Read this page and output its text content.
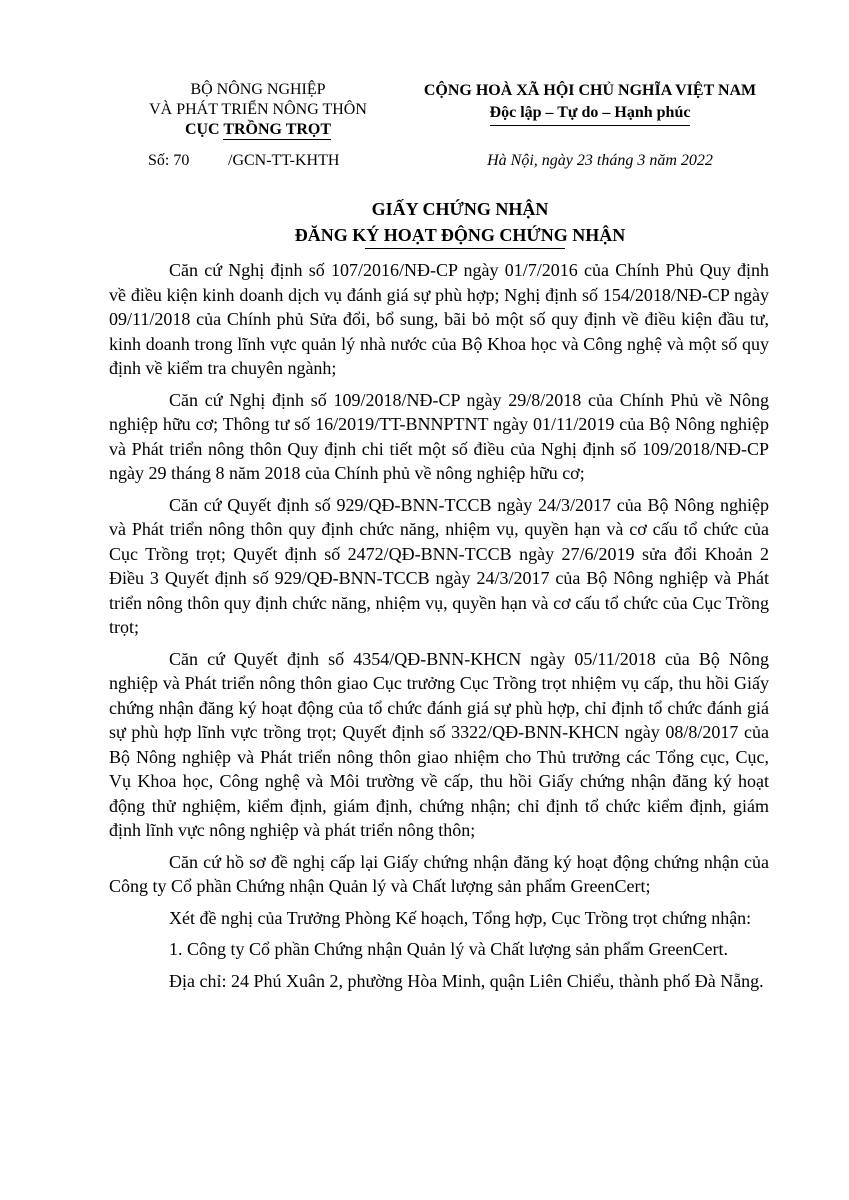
BỘ NÔNG NGHIỆP
VÀ PHÁT TRIỂN NÔNG THÔN
CỤC TRỒNG TRỌT
CỘNG HOÀ XÃ HỘI CHỦ NGHĨA VIỆT NAM
Độc lập – Tự do – Hạnh phúc
Số: 70 /GCN-TT-KHTH	Hà Nội, ngày 23 tháng 3 năm 2022
GIẤY CHỨNG NHẬN
ĐĂNG KÝ HOẠT ĐỘNG CHỨNG NHẬN

Căn cứ Nghị định số 107/2016/NĐ-CP ngày 01/7/2016 của Chính Phủ Quy định về điều kiện kinh doanh dịch vụ đánh giá sự phù hợp; Nghị định số 154/2018/NĐ-CP ngày 09/11/2018 của Chính phủ Sửa đổi, bổ sung, bãi bỏ một số quy định về điều kiện đầu tư, kinh doanh trong lĩnh vực quản lý nhà nước của Bộ Khoa học và Công nghệ và một số quy định về kiểm tra chuyên ngành;

Căn cứ Nghị định số 109/2018/NĐ-CP ngày 29/8/2018 của Chính Phủ về Nông nghiệp hữu cơ; Thông tư số 16/2019/TT-BNNPTNT ngày 01/11/2019 của Bộ Nông nghiệp và Phát triển nông thôn Quy định chi tiết một số điều của Nghị định số 109/2018/NĐ-CP ngày 29 tháng 8 năm 2018 của Chính phủ về nông nghiệp hữu cơ;

Căn cứ Quyết định số 929/QĐ-BNN-TCCB ngày 24/3/2017 của Bộ Nông nghiệp và Phát triển nông thôn quy định chức năng, nhiệm vụ, quyền hạn và cơ cấu tổ chức của Cục Trồng trọt; Quyết định số 2472/QĐ-BNN-TCCB ngày 27/6/2019 sửa đổi Khoản 2 Điều 3 Quyết định số 929/QĐ-BNN-TCCB ngày 24/3/2017 của Bộ Nông nghiệp và Phát triển nông thôn quy định chức năng, nhiệm vụ, quyền hạn và cơ cấu tổ chức của Cục Trồng trọt;

Căn cứ Quyết định số 4354/QĐ-BNN-KHCN ngày 05/11/2018 của Bộ Nông nghiệp và Phát triển nông thôn giao Cục trưởng Cục Trồng trọt nhiệm vụ cấp, thu hồi Giấy chứng nhận đăng ký hoạt động của tổ chức đánh giá sự phù hợp, chỉ định tổ chức đánh giá sự phù hợp lĩnh vực trồng trọt; Quyết định số 3322/QĐ-BNN-KHCN ngày 08/8/2017 của Bộ Nông nghiệp và Phát triển nông thôn giao nhiệm cho Thủ trưởng các Tổng cục, Cục, Vụ Khoa học, Công nghệ và Môi trường về cấp, thu hồi Giấy chứng nhận đăng ký hoạt động thử nghiệm, kiểm định, giám định, chứng nhận; chỉ định tổ chức kiểm định, giám định lĩnh vực nông nghiệp và phát triển nông thôn;

Căn cứ hồ sơ đề nghị cấp lại Giấy chứng nhận đăng ký hoạt động chứng nhận của Công ty Cổ phần Chứng nhận Quản lý và Chất lượng sản phẩm GreenCert;

Xét đề nghị của Trưởng Phòng Kế hoạch, Tổng hợp, Cục Trồng trọt chứng nhận:

1. Công ty Cổ phần Chứng nhận Quản lý và Chất lượng sản phẩm GreenCert.

Địa chỉ: 24 Phú Xuân 2, phường Hòa Minh, quận Liên Chiểu, thành phố Đà Nẵng.
